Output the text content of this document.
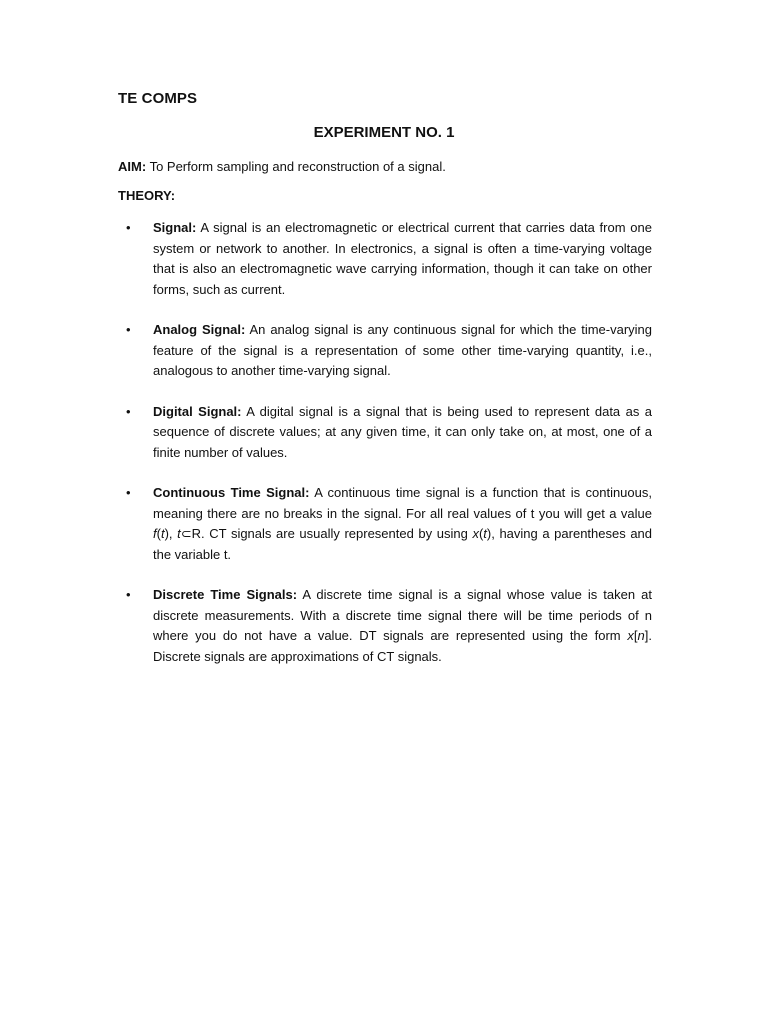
TE COMPS
EXPERIMENT NO. 1
AIM: To Perform sampling and reconstruction of a signal.
THEORY:
• Signal: A signal is an electromagnetic or electrical current that carries data from one system or network to another. In electronics, a signal is often a time-varying voltage that is also an electromagnetic wave carrying information, though it can take on other forms, such as current.
• Analog Signal: An analog signal is any continuous signal for which the time-varying feature of the signal is a representation of some other time-varying quantity, i.e., analogous to another time-varying signal.
• Digital Signal: A digital signal is a signal that is being used to represent data as a sequence of discrete values; at any given time, it can only take on, at most, one of a finite number of values.
• Continuous Time Signal: A continuous time signal is a function that is continuous, meaning there are no breaks in the signal. For all real values of t you will get a value f(t), t⊂R. CT signals are usually represented by using x(t), having a parentheses and the variable t.
• Discrete Time Signals: A discrete time signal is a signal whose value is taken at discrete measurements. With a discrete time signal there will be time periods of n where you do not have a value. DT signals are represented using the form x[n]. Discrete signals are approximations of CT signals.
